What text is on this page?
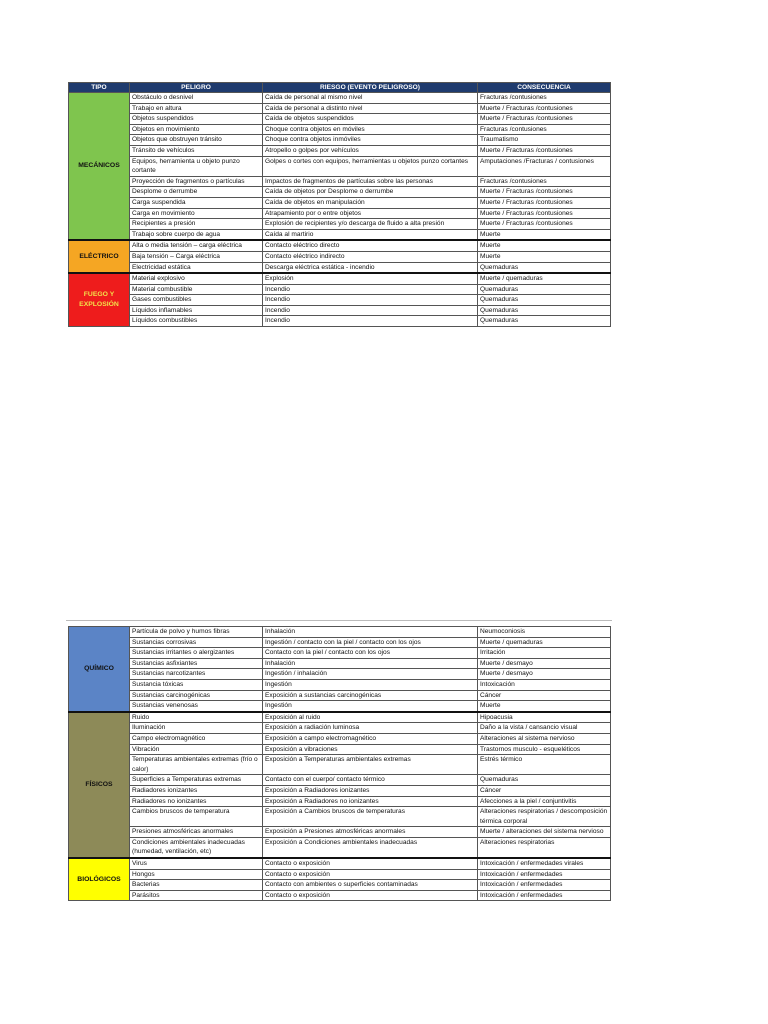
TIPO	PELIGRO	RIESGO (EVENTO PELIGROSO)	CONSECUENCIA
MECÁNICOS	Obstáculo o desnivel	Caída de personal al mismo nivel	Fracturas /contusiones
	Trabajo en altura	Caída de personal a distinto nivel	Muerte / Fracturas /contusiones
	Objetos suspendidos	Caída de objetos suspendidos	Muerte / Fracturas /contusiones
	Objetos en movimiento	Choque contra objetos en móviles	Fracturas /contusiones
	Objetos que obstruyen tránsito	Choque contra objetos inmóviles	Traumatismo
	Tránsito de vehículos	Atropello o golpes por vehículos	Muerte / Fracturas /contusiones
	Equipos, herramienta u objeto punzo cortante	Golpes o cortes con equipos, herramientas u objetos punzo cortantes	Amputaciones /Fracturas / contusiones
	Proyección de fragmentos o partículas	Impactos de fragmentos de partículas sobre las personas	Fracturas /contusiones
	Desplome o derrumbe	Caída de objetos por Desplome o derrumbe	Muerte / Fracturas /contusiones
	Carga suspendida	Caída de objetos en manipulación	Muerte / Fracturas /contusiones
	Carga en movimiento	Atrapamiento por o entre objetos	Muerte / Fracturas /contusiones
	Recipientes a presión	Explosión de recipientes y/o descarga de fluido a alta presión	Muerte / Fracturas /contusiones
	Trabajo sobre cuerpo de agua	Caída al martirio	Muerte
ELÉCTRICO	Alta o media tensión – carga eléctrica	Contacto eléctrico directo	Muerte
	Baja tensión – Carga eléctrica	Contacto eléctrico indirecto	Muerte
	Electricidad estática	Descarga eléctrica estática - incendio	Quemaduras
FUEGO Y EXPLOSIÓN	Material explosivo	Explosión	Muerte / quemaduras
	Material combustible	Incendio	Quemaduras
	Gases combustibles	Incendio	Quemaduras
	Líquidos inflamables	Incendio	Quemaduras
	Líquidos combustibles	Incendio	Quemaduras
QUÍMICO	Partícula de polvo y humos fibras	Inhalación	Neumoconiosis
	Sustancias corrosivas	Ingestión / contacto con la piel / contacto con los ojos	Muerte / quemaduras
	Sustancias irritantes o alergizantes	Contacto con la piel / contacto con los ojos	Irritación
	Sustancias asfixiantes	Inhalación	Muerte / desmayo
	Sustancias narcotizantes	Ingestión / inhalación	Muerte / desmayo
	Sustancia tóxicas	Ingestión	Intoxicación
	Sustancias carcinogénicas	Exposición a sustancias carcinogénicas	Cáncer
	Sustancias venenosas	Ingestión	Muerte
FÍSICOS	Ruido	Exposición al ruido	Hipoacusia
	Iluminación	Exposición a radiación luminosa	Daño a la vista / cansancio visual
	Campo electromagnético	Exposición a campo electromagnético	Alteraciones al sistema nervioso
	Vibración	Exposición a vibraciones	Trastornos musculo - esqueléticos
	Temperaturas ambientales extremas (frío o calor)	Exposición a Temperaturas ambientales extremas	Estrés térmico
	Superficies a Temperaturas extremas	Contacto con el cuerpo/ contacto térmico	Quemaduras
	Radiadores ionizantes	Exposición a Radiadores ionizantes	Cáncer
	Radiadores no ionizantes	Exposición a Radiadores no ionizantes	Afecciones a la piel / conjuntivitis
	Cambios bruscos de temperatura	Exposición a Cambios bruscos de temperaturas	Alteraciones respiratorias / descomposición térmica corporal
	Presiones atmosféricas anormales	Exposición a Presiones atmosféricas anormales	Muerte / alteraciones del sistema nervioso
	Condiciones ambientales inadecuadas (humedad, ventilación, etc)	Exposición a Condiciones ambientales inadecuadas	Alteraciones respiratorias
BIOLÓGICOS	Virus	Contacto o exposición	Intoxicación / enfermedades virales
	Hongos	Contacto o exposición	Intoxicación / enfermedades
	Bacterias	Contacto con ambientes o superficies contaminadas	Intoxicación / enfermedades
	Parásitos	Contacto o exposición	Intoxicación / enfermedades
